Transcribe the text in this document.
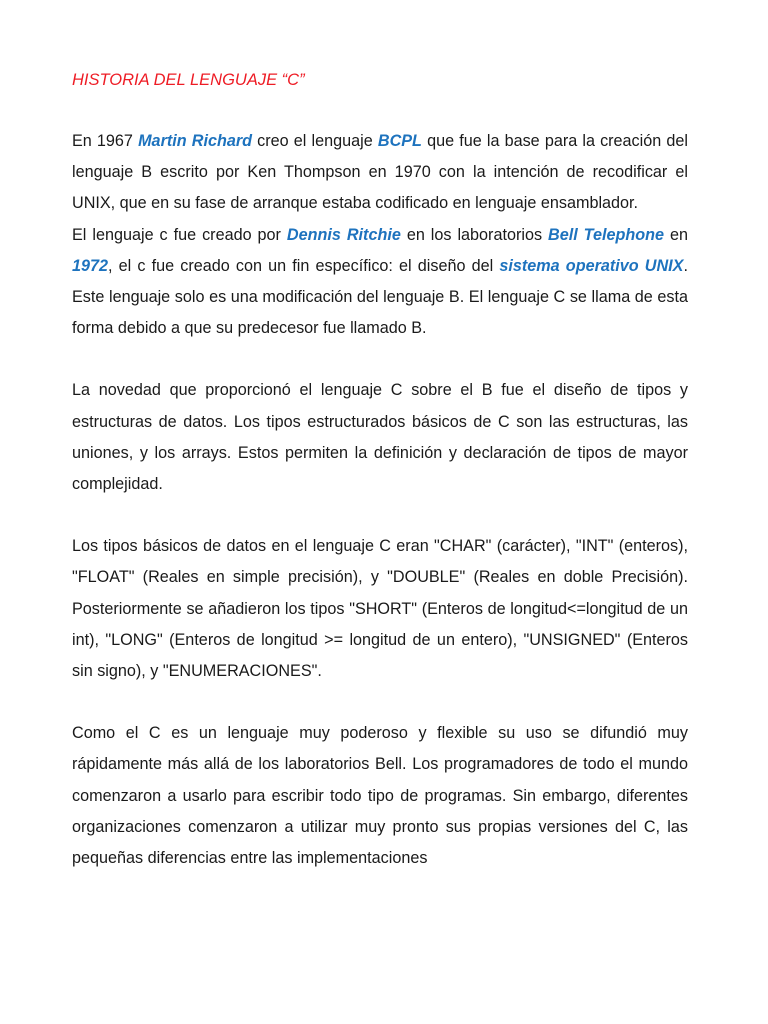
HISTORIA DEL LENGUAJE “C”

En 1967 Martin Richard creo el lenguaje BCPL que fue la base para la creación del lenguaje B escrito por Ken Thompson en 1970 con la intención de recodificar el UNIX, que en su fase de arranque estaba codificado en lenguaje ensamblador.

El lenguaje c fue creado por Dennis Ritchie en los laboratorios Bell Telephone en 1972, el c fue creado con un fin específico: el diseño del sistema operativo UNIX. Este lenguaje solo es una modificación del lenguaje B. El lenguaje C se llama de esta forma debido a que su predecesor fue llamado B.

La novedad que proporcionó el lenguaje C sobre el B fue el diseño de tipos y estructuras de datos. Los tipos estructurados básicos de C son las estructuras, las uniones, y los arrays. Estos permiten la definición y declaración de tipos de mayor complejidad.

Los tipos básicos de datos en el lenguaje C eran "CHAR" (carácter), "INT" (enteros), "FLOAT" (Reales en simple precisión), y "DOUBLE" (Reales en doble Precisión). Posteriormente se añadieron los tipos "SHORT" (Enteros de longitud<=longitud de un int), "LONG" (Enteros de longitud >= longitud de un entero), "UNSIGNED" (Enteros sin signo), y "ENUMERACIONES".

Como el C es un lenguaje muy poderoso y flexible su uso se difundió muy rápidamente más allá de los laboratorios Bell. Los programadores de todo el mundo comenzaron a usarlo para escribir todo tipo de programas. Sin embargo, diferentes organizaciones comenzaron a utilizar muy pronto sus propias versiones del C, las pequeñas diferencias entre las implementaciones
